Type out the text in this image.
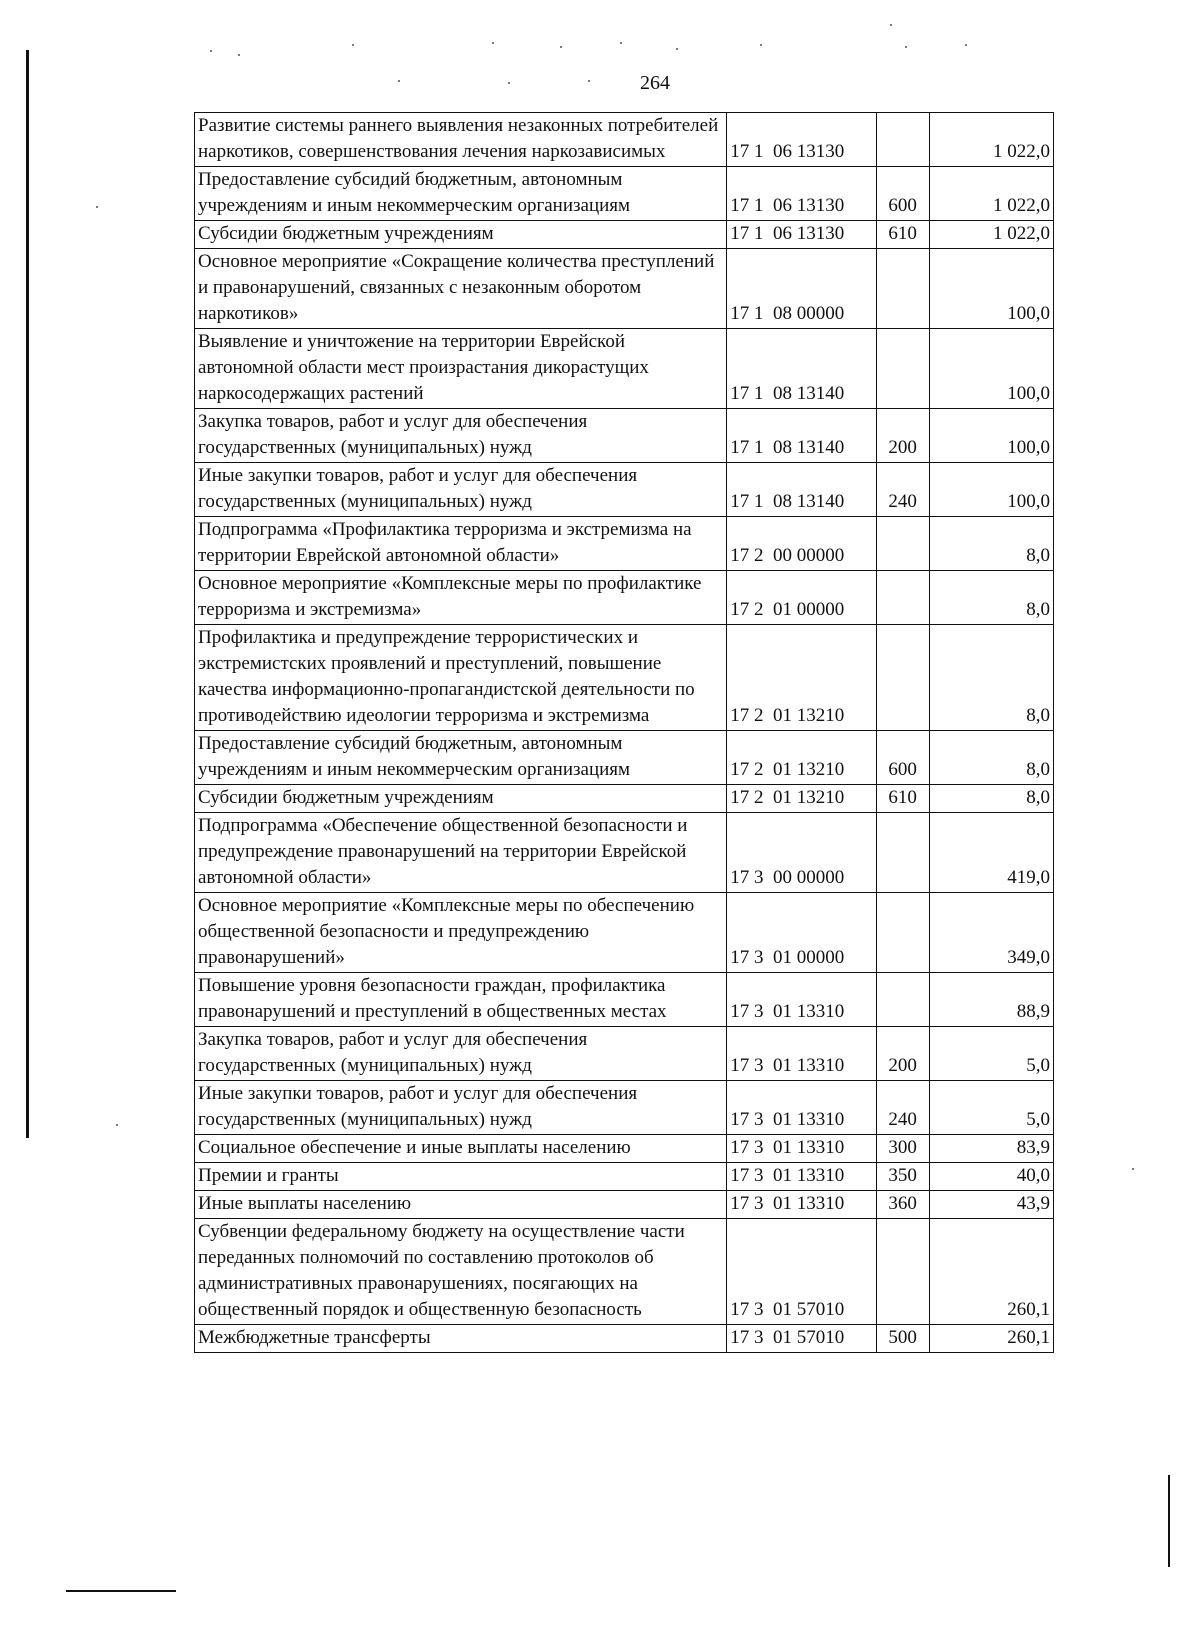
264
Развитие системы раннего выявления незаконных потребителей наркотиков, совершенствования лечения наркозависимых	17 1  06 13130		1 022,0
Предоставление субсидий бюджетным, автономным учреждениям и иным некоммерческим организациям	17 1  06 13130	600	1 022,0
Субсидии бюджетным учреждениям	17 1  06 13130	610	1 022,0
Основное мероприятие «Сокращение количества преступлений и правонарушений, связанных с незаконным оборотом наркотиков»	17 1  08 00000		100,0
Выявление и уничтожение на территории Еврейской автономной области мест произрастания дикорастущих наркосодержащих растений	17 1  08 13140		100,0
Закупка товаров, работ и услуг для обеспечения государственных (муниципальных) нужд	17 1  08 13140	200	100,0
Иные закупки товаров, работ и услуг для обеспечения государственных (муниципальных) нужд	17 1  08 13140	240	100,0
Подпрограмма «Профилактика терроризма и экстремизма на территории Еврейской автономной области»	17 2  00 00000		8,0
Основное мероприятие «Комплексные меры по профилактике терроризма и экстремизма»	17 2  01 00000		8,0
Профилактика и предупреждение террористических и экстремистских проявлений и преступлений, повышение качества информационно-пропагандистской деятельности по противодействию идеологии терроризма и экстремизма	17 2  01 13210		8,0
Предоставление субсидий бюджетным, автономным учреждениям и иным некоммерческим организациям	17 2  01 13210	600	8,0
Субсидии бюджетным учреждениям	17 2  01 13210	610	8,0
Подпрограмма «Обеспечение общественной безопасности и предупреждение правонарушений на территории Еврейской автономной области»	17 3  00 00000		419,0
Основное мероприятие «Комплексные меры по обеспечению общественной безопасности и предупреждению правонарушений»	17 3  01 00000		349,0
Повышение уровня безопасности граждан, профилактика правонарушений и преступлений в общественных местах	17 3  01 13310		88,9
Закупка товаров, работ и услуг для обеспечения государственных (муниципальных) нужд	17 3  01 13310	200	5,0
Иные закупки товаров, работ и услуг для обеспечения государственных (муниципальных) нужд	17 3  01 13310	240	5,0
Социальное обеспечение и иные выплаты населению	17 3  01 13310	300	83,9
Премии и гранты	17 3  01 13310	350	40,0
Иные выплаты населению	17 3  01 13310	360	43,9
Субвенции федеральному бюджету на осуществление части переданных полномочий по составлению протоколов об административных правонарушениях, посягающих на общественный порядок и общественную безопасность	17 3  01 57010		260,1
Межбюджетные трансферты	17 3  01 57010	500	260,1
